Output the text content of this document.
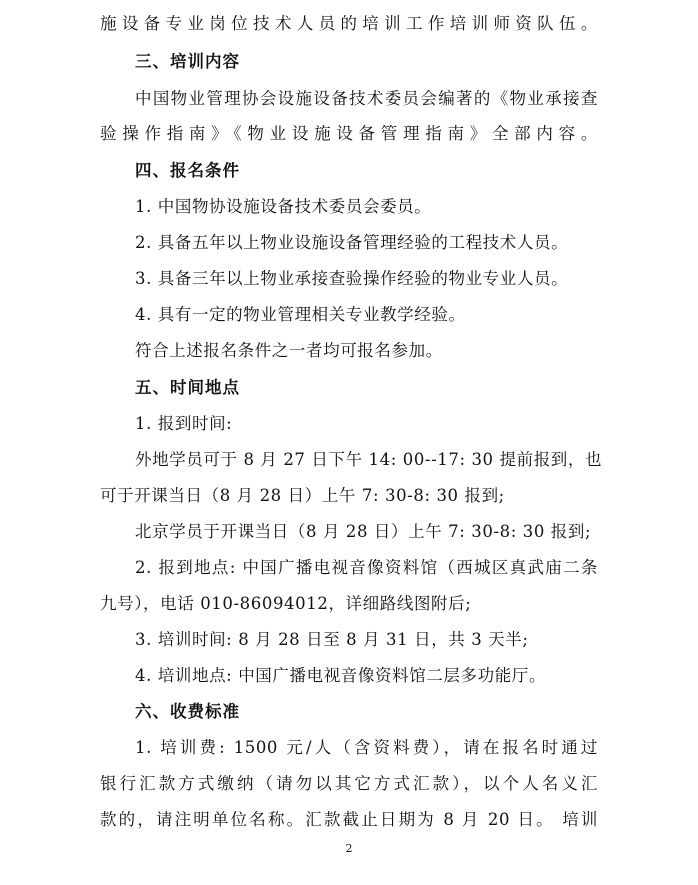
施设备专业岗位技术人员的培训工作培训师资队伍。
三、培训内容
中国物业管理协会设施设备技术委员会编著的《物业承接查
验操作指南》《物业设施设备管理指南》全部内容。
四、报名条件
1. 中国物协设施设备技术委员会委员。
2. 具备五年以上物业设施设备管理经验的工程技术人员。
3. 具备三年以上物业承接查验操作经验的物业专业人员。
4. 具有一定的物业管理相关专业教学经验。
符合上述报名条件之一者均可报名参加。
五、时间地点
1. 报到时间:
外地学员可于 8 月 27 日下午 14: 00--17: 30 提前报到，也
可于开课当日（8 月 28 日）上午 7: 30-8: 30 报到;
北京学员于开课当日（8 月 28 日）上午 7: 30-8: 30 报到;
2. 报到地点: 中国广播电视音像资料馆（西城区真武庙二条
九号），电话 010-86094012，详细路线图附后;
3. 培训时间: 8 月 28 日至 8 月 31 日，共 3 天半;
4. 培训地点: 中国广播电视音像资料馆二层多功能厅。
六、收费标准
1. 培训费: 1500 元/人（含资料费），请在报名时通过
银行汇款方式缴纳（请勿以其它方式汇款），以个人名义汇
款的，请注明单位名称。汇款截止日期为 8 月 20 日。 培训
2
